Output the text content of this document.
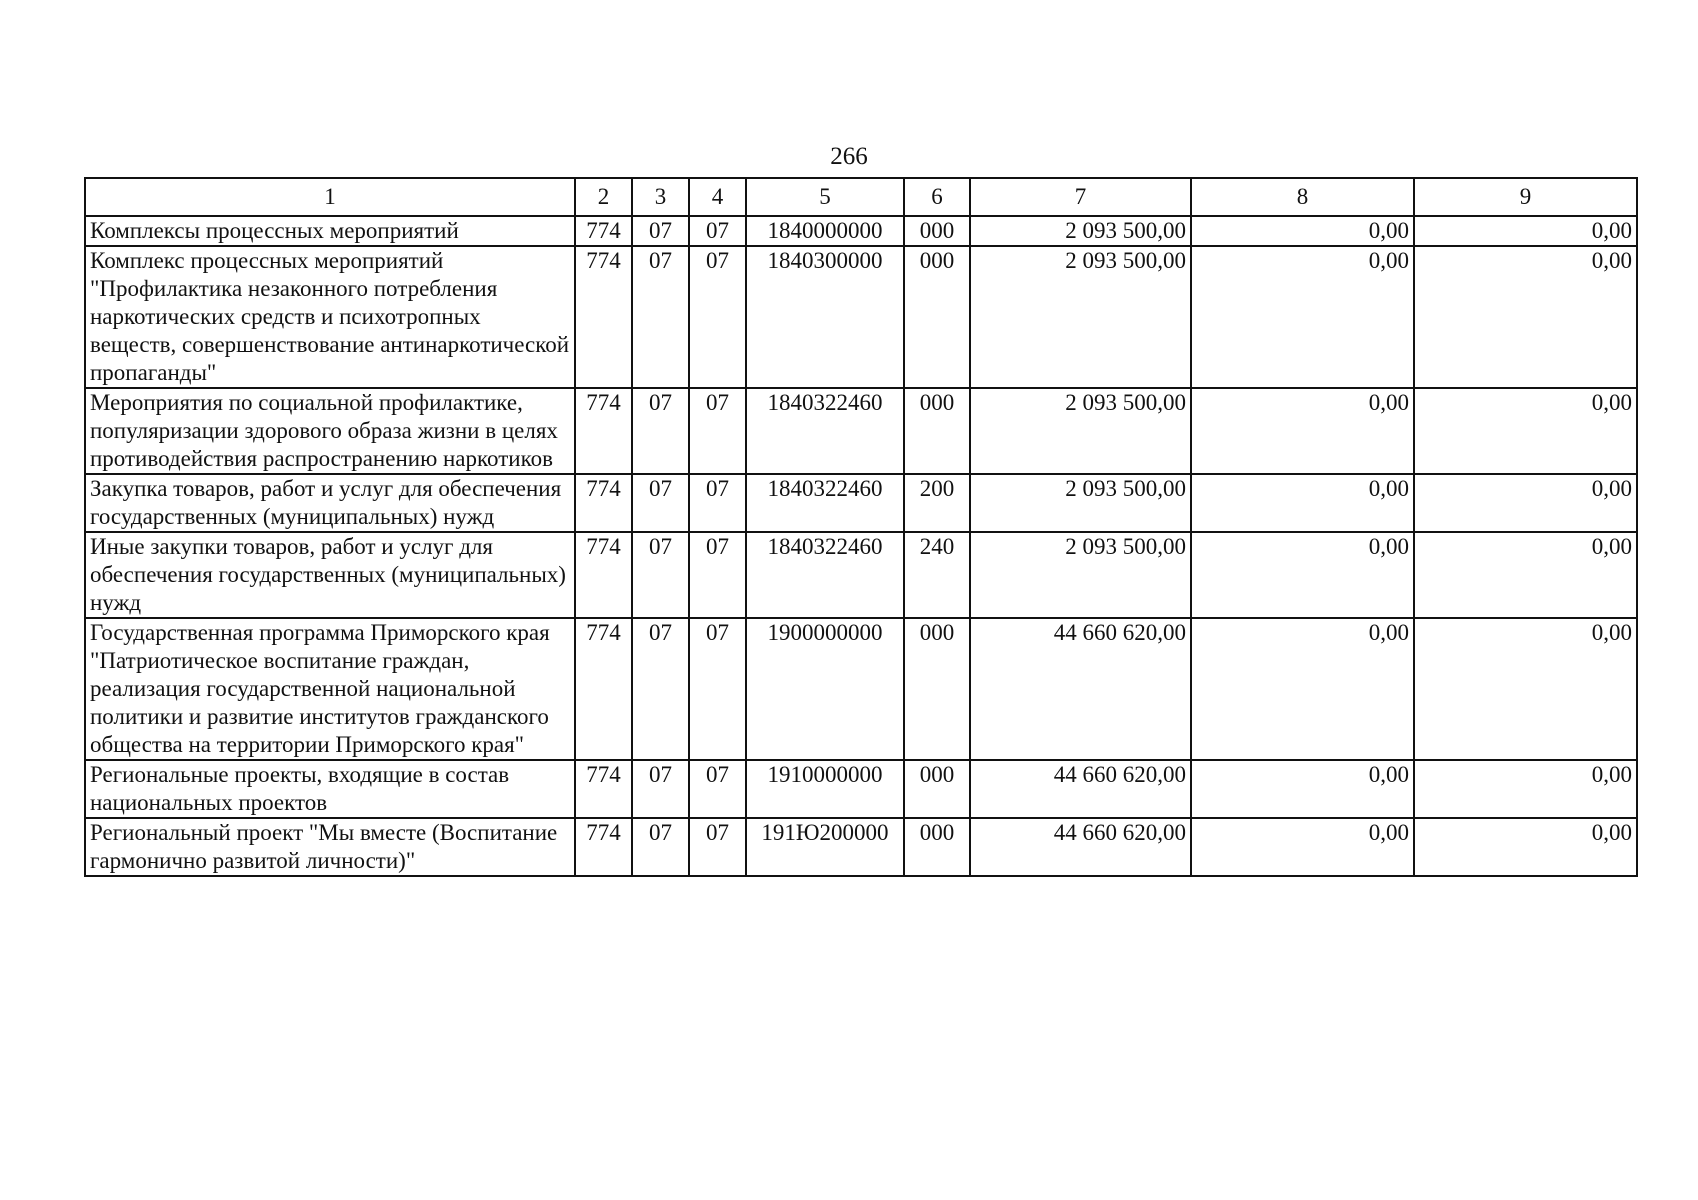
266
1	2	3	4	5	6	7	8	9
Комплексы процессных мероприятий	774	07	07	1840000000	000	2 093 500,00	0,00	0,00
Комплекс процессных мероприятий "Профилактика незаконного потребления наркотических средств и психотропных веществ, совершенствование антинаркотической пропаганды"	774	07	07	1840300000	000	2 093 500,00	0,00	0,00
Мероприятия по социальной профилактике, популяризации здорового образа жизни в целях противодействия распространению наркотиков	774	07	07	1840322460	000	2 093 500,00	0,00	0,00
Закупка товаров, работ и услуг для обеспечения государственных (муниципальных) нужд	774	07	07	1840322460	200	2 093 500,00	0,00	0,00
Иные закупки товаров, работ и услуг для обеспечения государственных (муниципальных) нужд	774	07	07	1840322460	240	2 093 500,00	0,00	0,00
Государственная программа Приморского края "Патриотическое воспитание граждан, реализация государственной национальной политики и развитие институтов гражданского общества на территории Приморского края"	774	07	07	1900000000	000	44 660 620,00	0,00	0,00
Региональные проекты, входящие в состав национальных проектов	774	07	07	1910000000	000	44 660 620,00	0,00	0,00
Региональный проект "Мы вместе (Воспитание гармонично развитой личности)"	774	07	07	191Ю200000	000	44 660 620,00	0,00	0,00
